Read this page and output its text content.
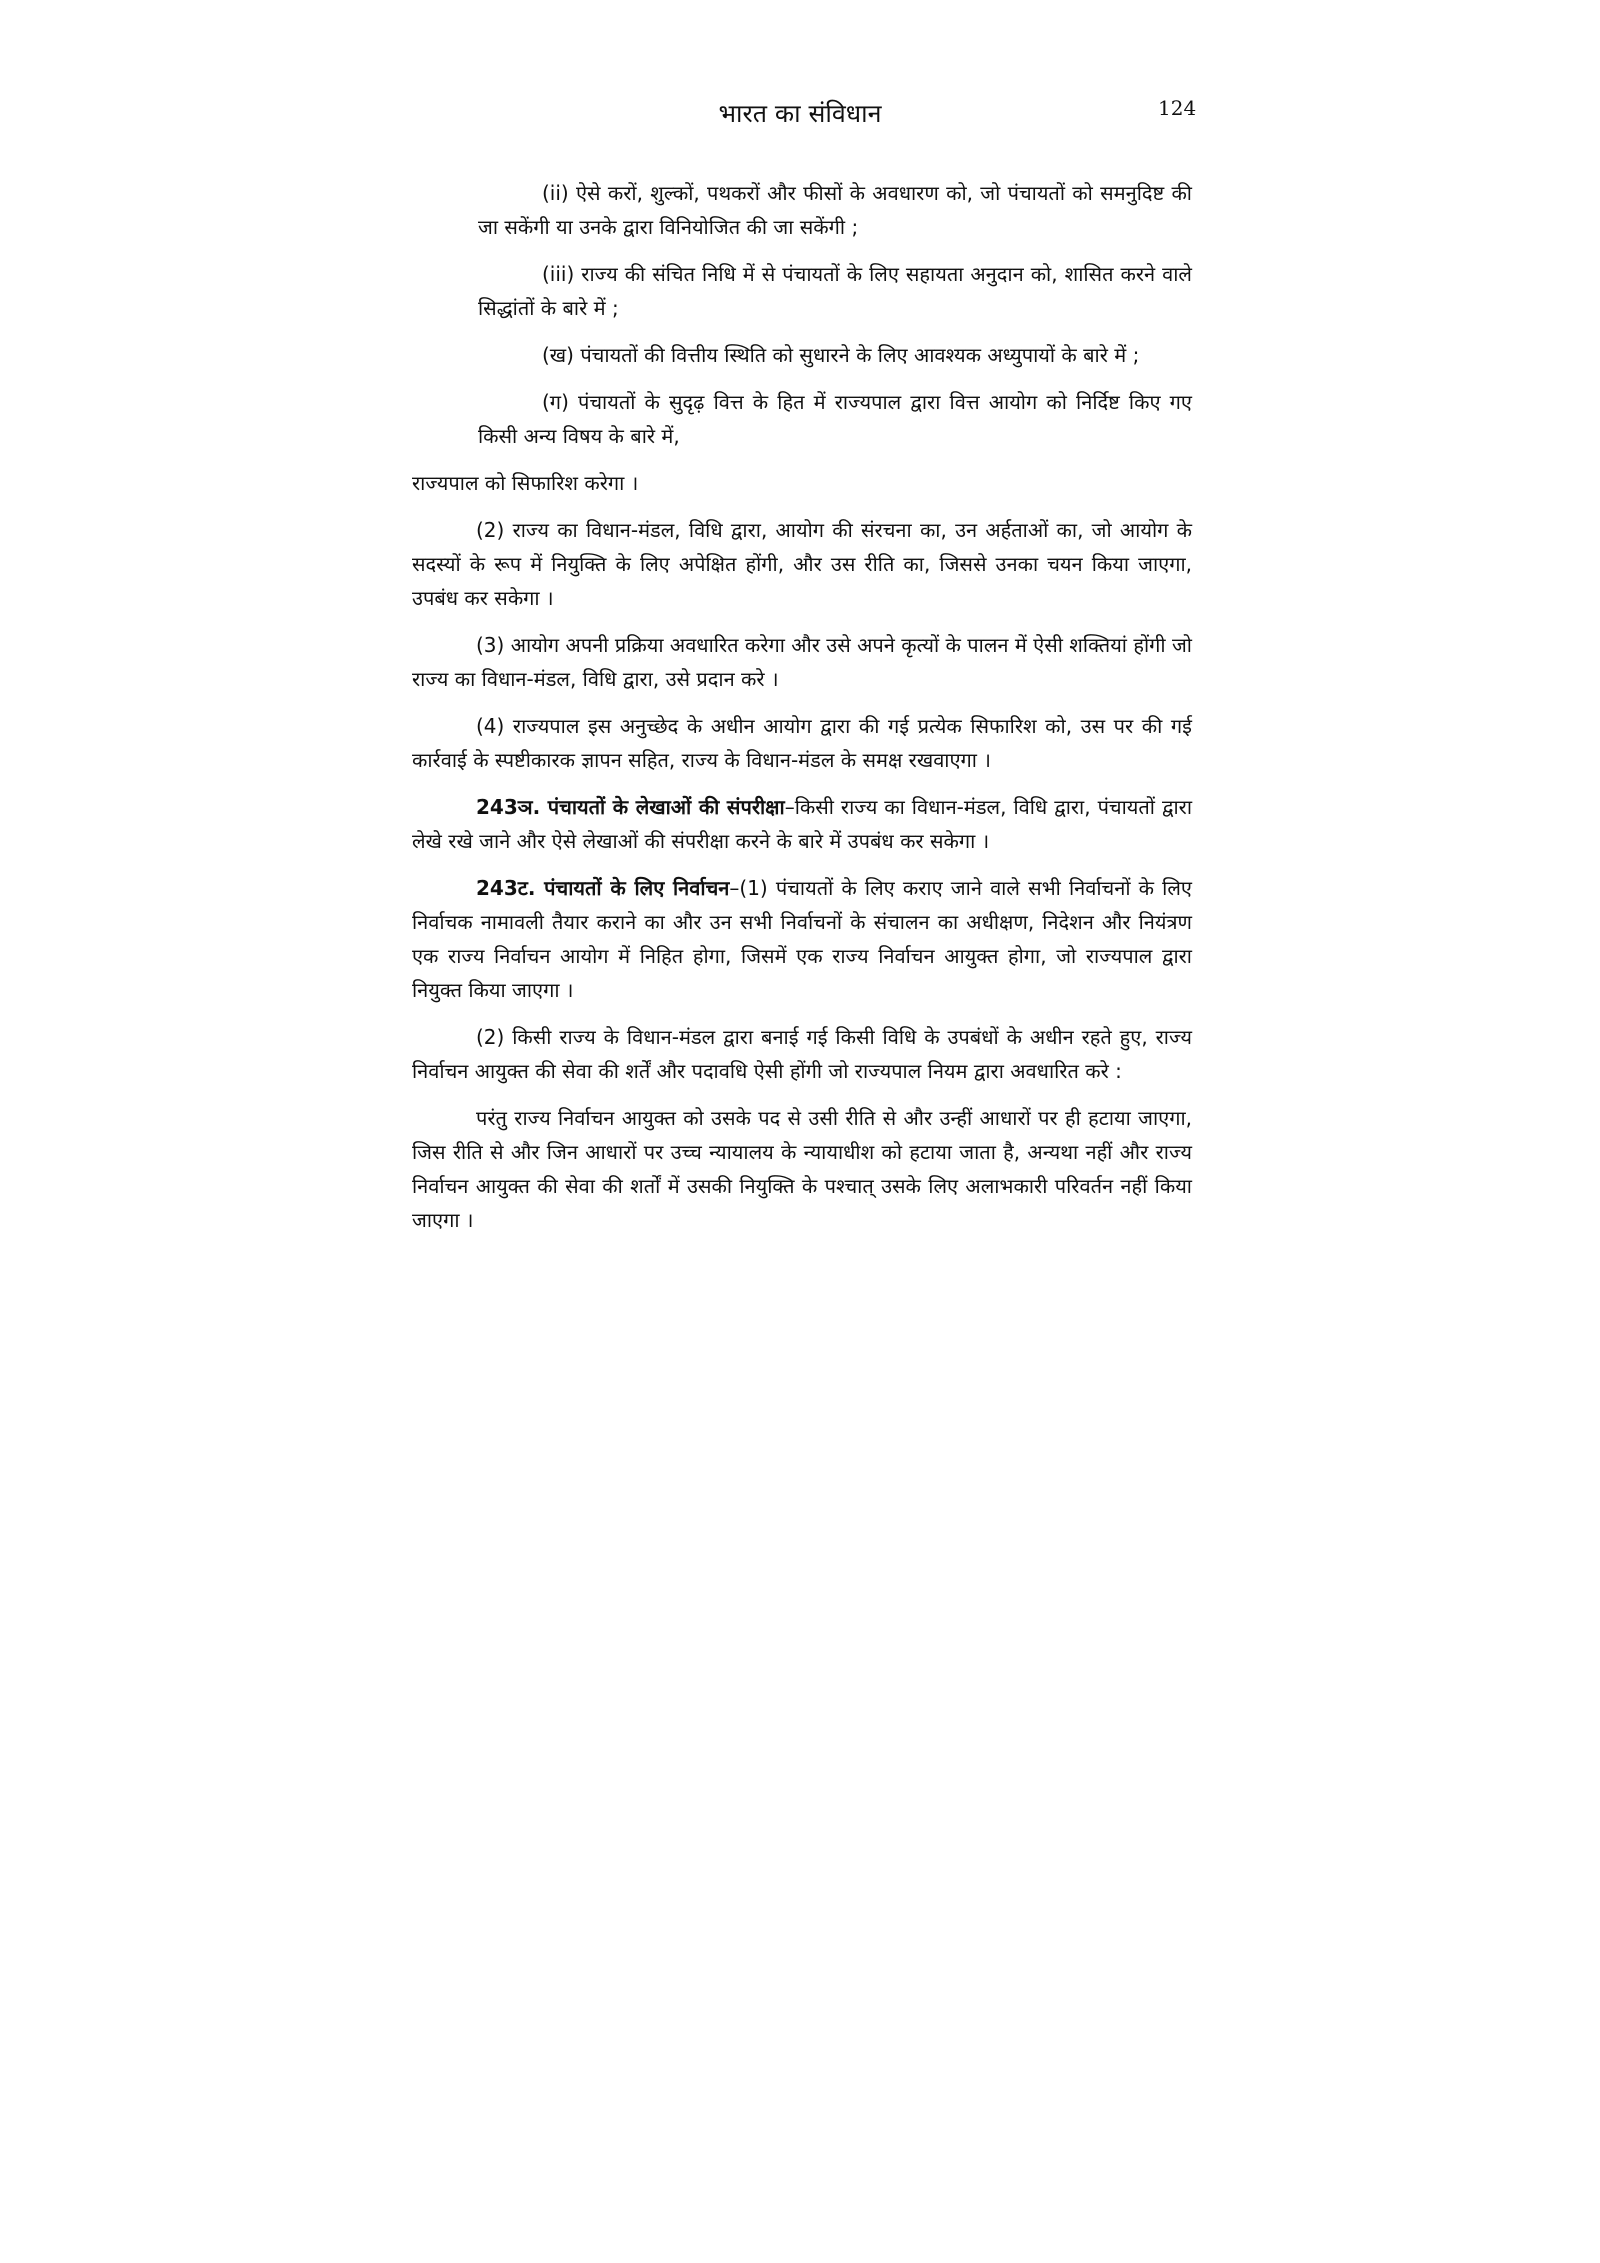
भारत का संविधान	124

(ii) ऐसे करों, शुल्कों, पथकरों और फीसों के अवधारण को, जो पंचायतों को समनुदिष्ट की जा सकेंगी या उनके द्वारा विनियोजित की जा सकेंगी ;

(iii) राज्य की संचित निधि में से पंचायतों के लिए सहायता अनुदान को, शासित करने वाले सिद्धांतों के बारे में ;

(ख) पंचायतों की वित्तीय स्थिति को सुधारने के लिए आवश्यक अध्युपायों के बारे में ;

(ग) पंचायतों के सुदृढ़ वित्त के हित में राज्यपाल द्वारा वित्त आयोग को निर्दिष्ट किए गए किसी अन्य विषय के बारे में,

राज्यपाल को सिफारिश करेगा ।

(2) राज्य का विधान-मंडल, विधि द्वारा, आयोग की संरचना का, उन अर्हताओं का, जो आयोग के सदस्यों के रूप में नियुक्ति के लिए अपेक्षित होंगी, और उस रीति का, जिससे उनका चयन किया जाएगा, उपबंध कर सकेगा ।

(3) आयोग अपनी प्रक्रिया अवधारित करेगा और उसे अपने कृत्यों के पालन में ऐसी शक्तियां होंगी जो राज्य का विधान-मंडल, विधि द्वारा, उसे प्रदान करे ।

(4) राज्यपाल इस अनुच्छेद के अधीन आयोग द्वारा की गई प्रत्येक सिफारिश को, उस पर की गई कार्रवाई के स्पष्टीकारक ज्ञापन सहित, राज्य के विधान-मंडल के समक्ष रखवाएगा ।

243ञ. पंचायतों के लेखाओं की संपरीक्षा–किसी राज्य का विधान-मंडल, विधि द्वारा, पंचायतों द्वारा लेखे रखे जाने और ऐसे लेखाओं की संपरीक्षा करने के बारे में उपबंध कर सकेगा ।

243ट. पंचायतों के लिए निर्वाचन–(1) पंचायतों के लिए कराए जाने वाले सभी निर्वाचनों के लिए निर्वाचक नामावली तैयार कराने का और उन सभी निर्वाचनों के संचालन का अधीक्षण, निदेशन और नियंत्रण एक राज्य निर्वाचन आयोग में निहित होगा, जिसमें एक राज्य निर्वाचन आयुक्त होगा, जो राज्यपाल द्वारा नियुक्त किया जाएगा ।

(2) किसी राज्य के विधान-मंडल द्वारा बनाई गई किसी विधि के उपबंधों के अधीन रहते हुए, राज्य निर्वाचन आयुक्त की सेवा की शर्तें और पदावधि ऐसी होंगी जो राज्यपाल नियम द्वारा अवधारित करे :

परंतु राज्य निर्वाचन आयुक्त को उसके पद से उसी रीति से और उन्हीं आधारों पर ही हटाया जाएगा, जिस रीति से और जिन आधारों पर उच्च न्यायालय के न्यायाधीश को हटाया जाता है, अन्यथा नहीं और राज्य निर्वाचन आयुक्त की सेवा की शर्तों में उसकी नियुक्ति के पश्चात् उसके लिए अलाभकारी परिवर्तन नहीं किया जाएगा ।
